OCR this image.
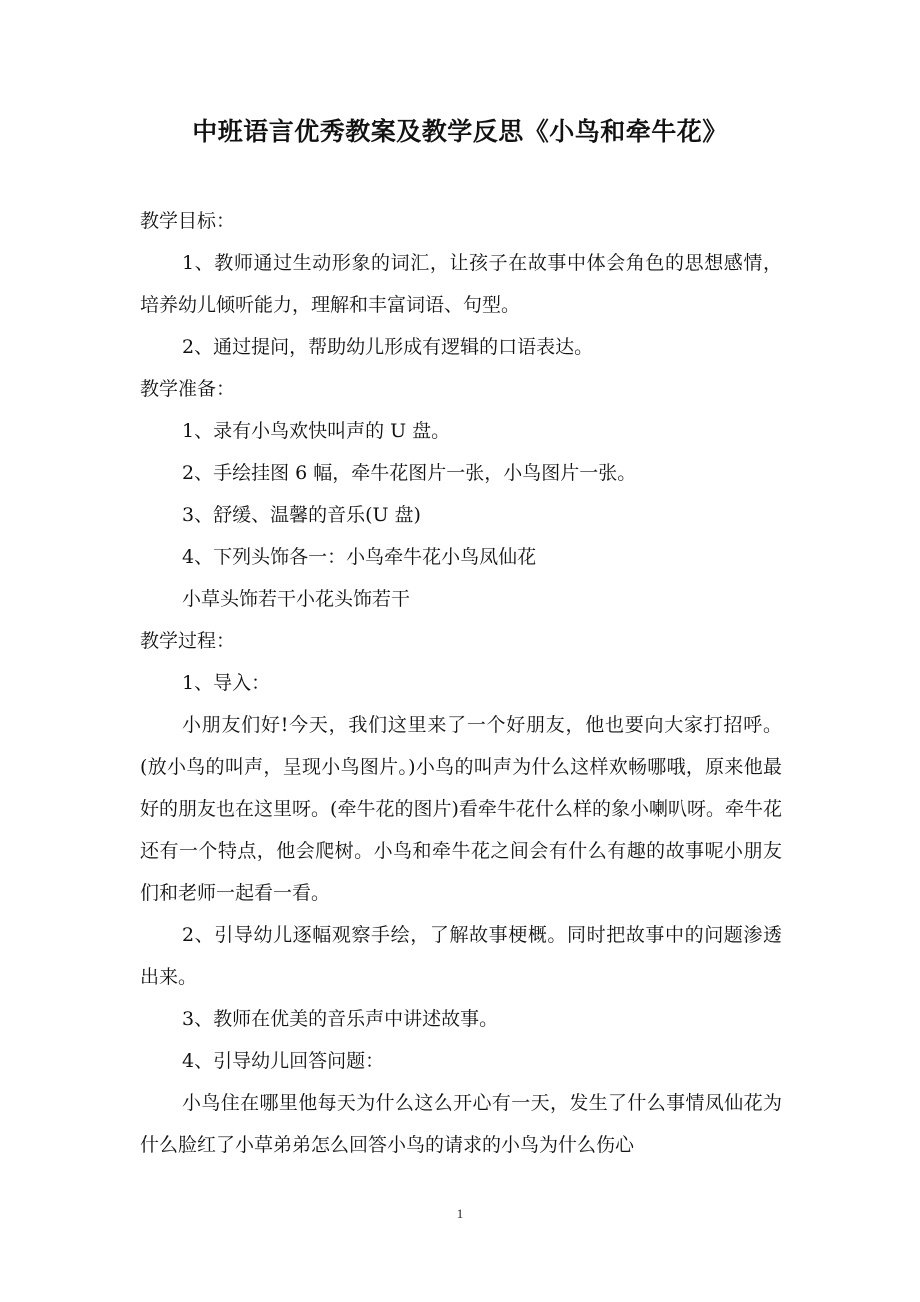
中班语言优秀教案及教学反思《小鸟和牵牛花》

教学目标：

1、教师通过生动形象的词汇，让孩子在故事中体会角色的思想感情，培养幼儿倾听能力，理解和丰富词语、句型。

2、通过提问，帮助幼儿形成有逻辑的口语表达。

教学准备：

1、录有小鸟欢快叫声的 U 盘。

2、手绘挂图 6 幅，牵牛花图片一张，小鸟图片一张。

3、舒缓、温馨的音乐(U 盘)

4、下列头饰各一：小鸟牵牛花小鸟凤仙花

小草头饰若干小花头饰若干

教学过程：

1、导入：

小朋友们好!今天，我们这里来了一个好朋友，他也要向大家打招呼。(放小鸟的叫声，呈现小鸟图片。)小鸟的叫声为什么这样欢畅哪哦，原来他最好的朋友也在这里呀。(牵牛花的图片)看牵牛花什么样的象小喇叭呀。牵牛花还有一个特点，他会爬树。小鸟和牵牛花之间会有什么有趣的故事呢小朋友们和老师一起看一看。

2、引导幼儿逐幅观察手绘，了解故事梗概。同时把故事中的问题渗透出来。

3、教师在优美的音乐声中讲述故事。

4、引导幼儿回答问题：

小鸟住在哪里他每天为什么这么开心有一天，发生了什么事情凤仙花为什么脸红了小草弟弟怎么回答小鸟的请求的小鸟为什么伤心

1
